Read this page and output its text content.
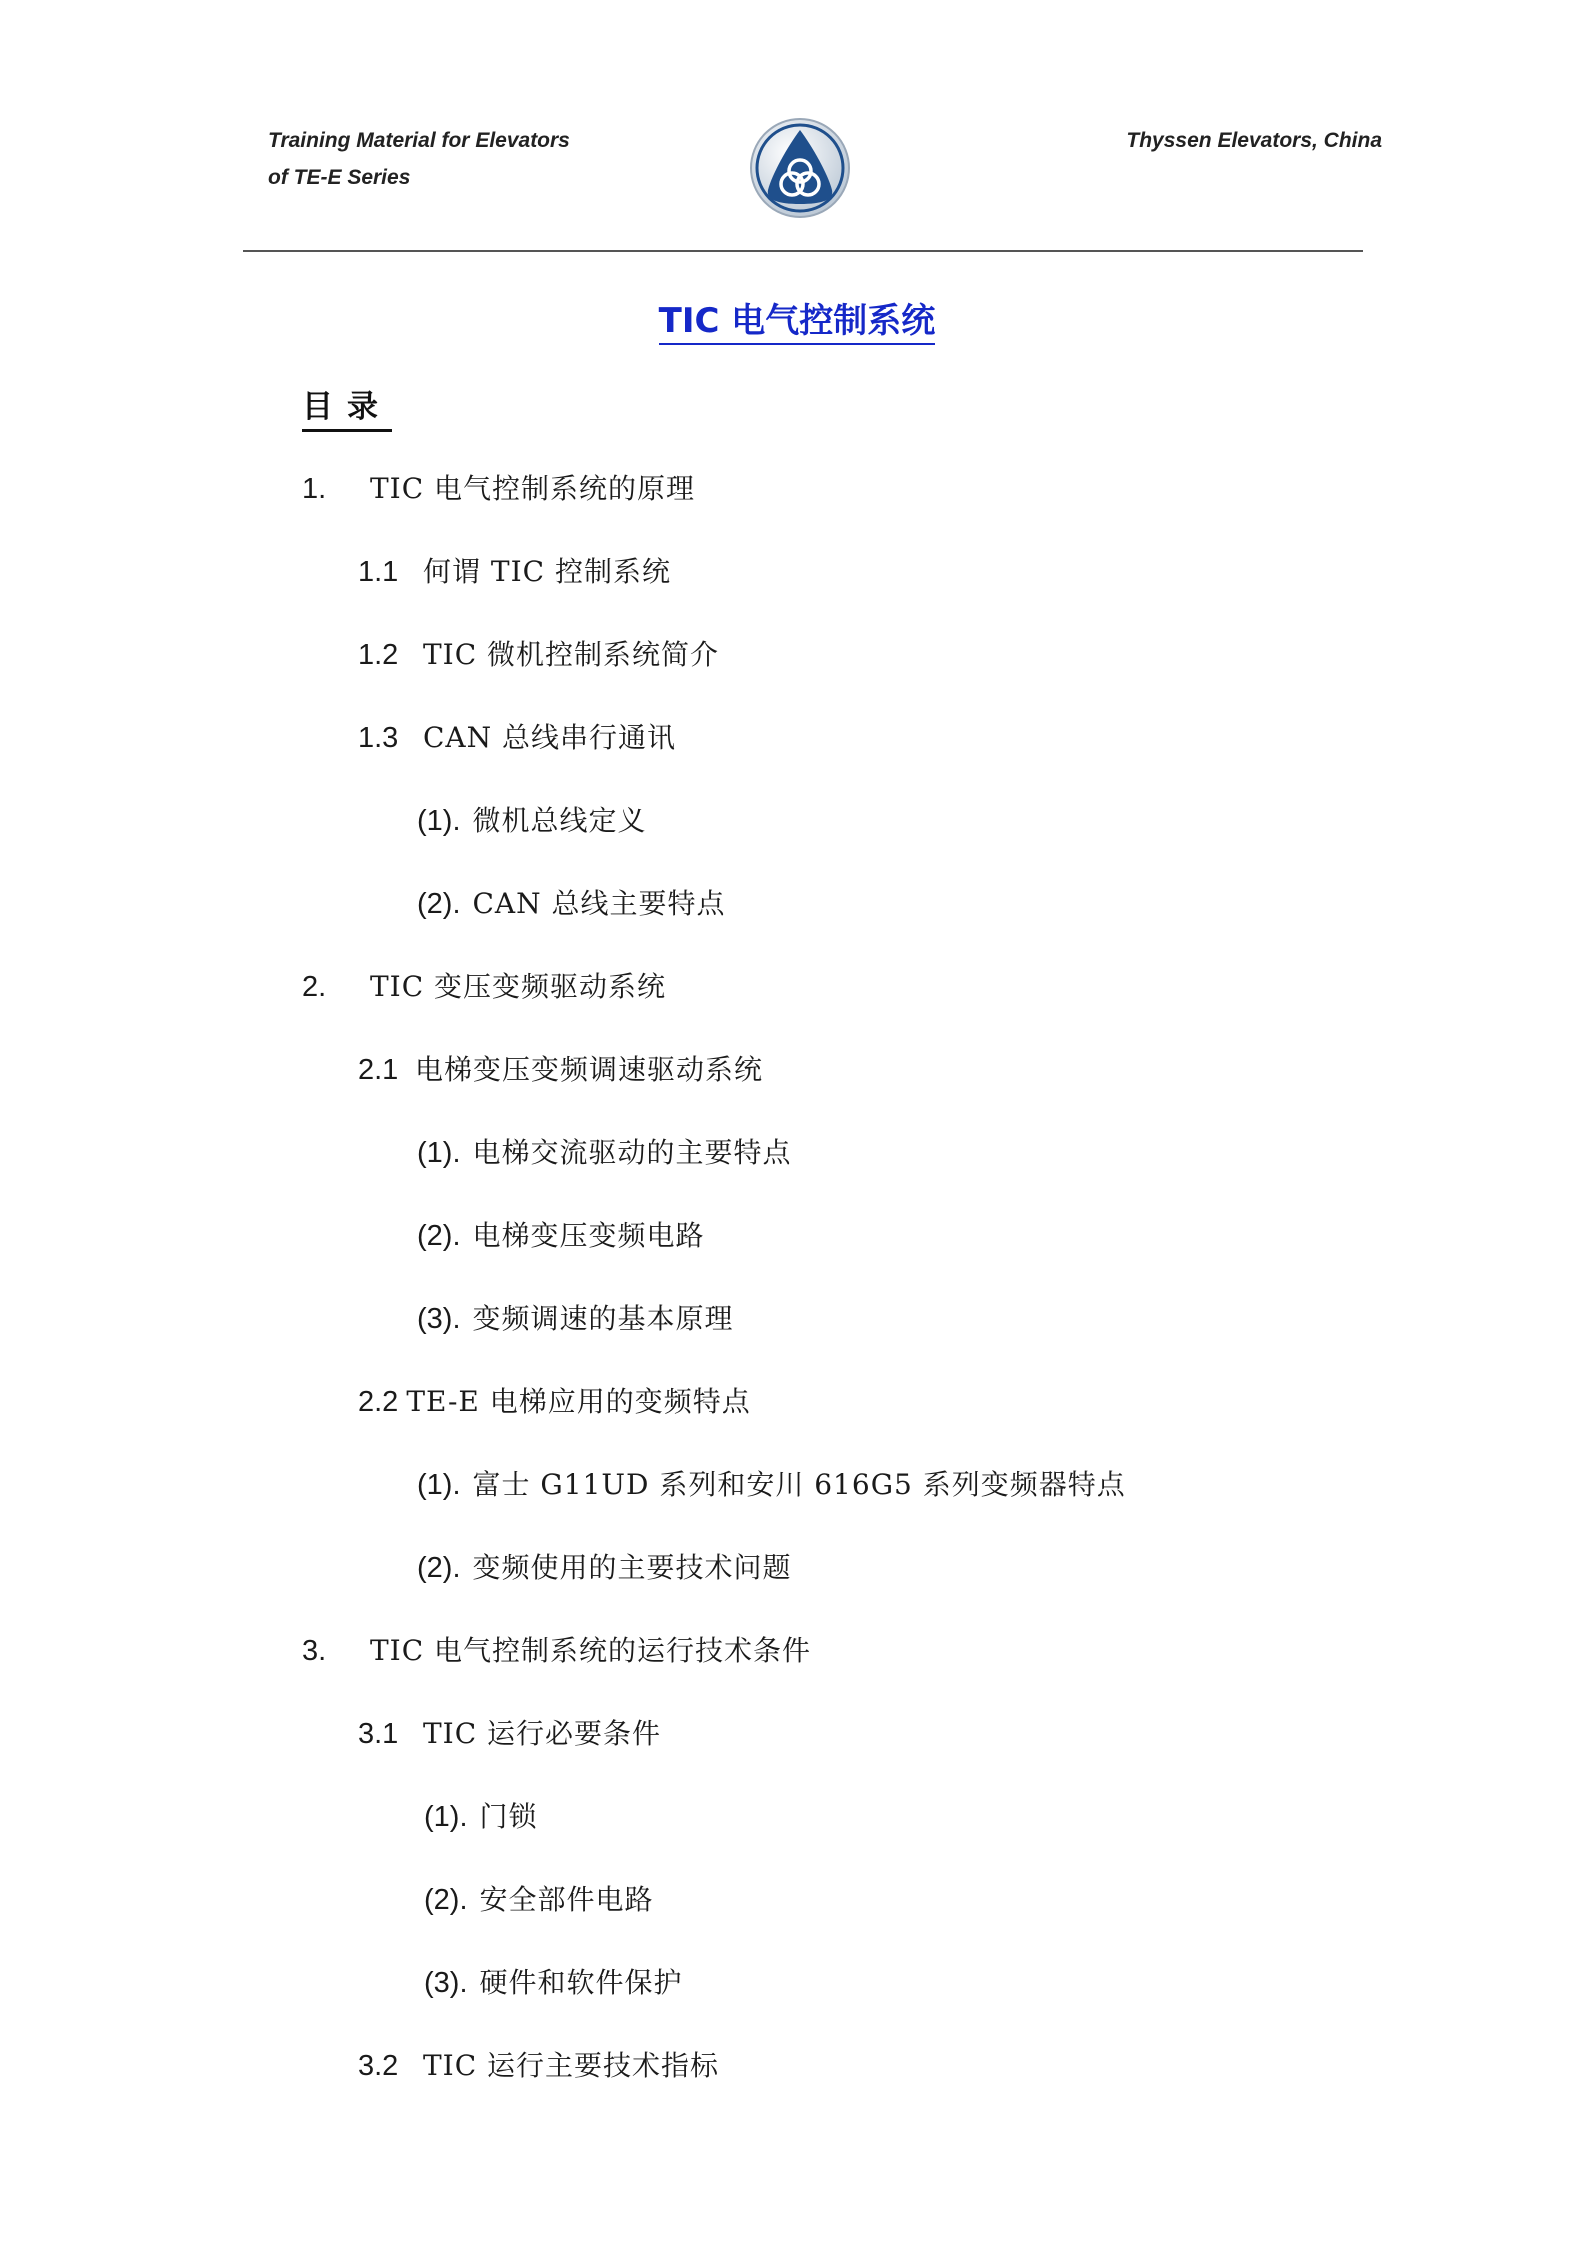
Training Material for Elevators
of TE-E Series
Thyssen Elevators, China
TIC 电气控制系统
目录
1. TIC 电气控制系统的原理
1.1 何谓 TIC 控制系统
1.2 TIC 微机控制系统简介
1.3 CAN 总线串行通讯
(1). 微机总线定义
(2). CAN 总线主要特点
2. TIC 变压变频驱动系统
2.1 电梯变压变频调速驱动系统
(1). 电梯交流驱动的主要特点
(2). 电梯变压变频电路
(3). 变频调速的基本原理
2.2 TE-E 电梯应用的变频特点
(1). 富士 G11UD 系列和安川 616G5 系列变频器特点
(2). 变频使用的主要技术问题
3. TIC 电气控制系统的运行技术条件
3.1 TIC 运行必要条件
(1). 门锁
(2). 安全部件电路
(3). 硬件和软件保护
3.2 TIC 运行主要技术指标
